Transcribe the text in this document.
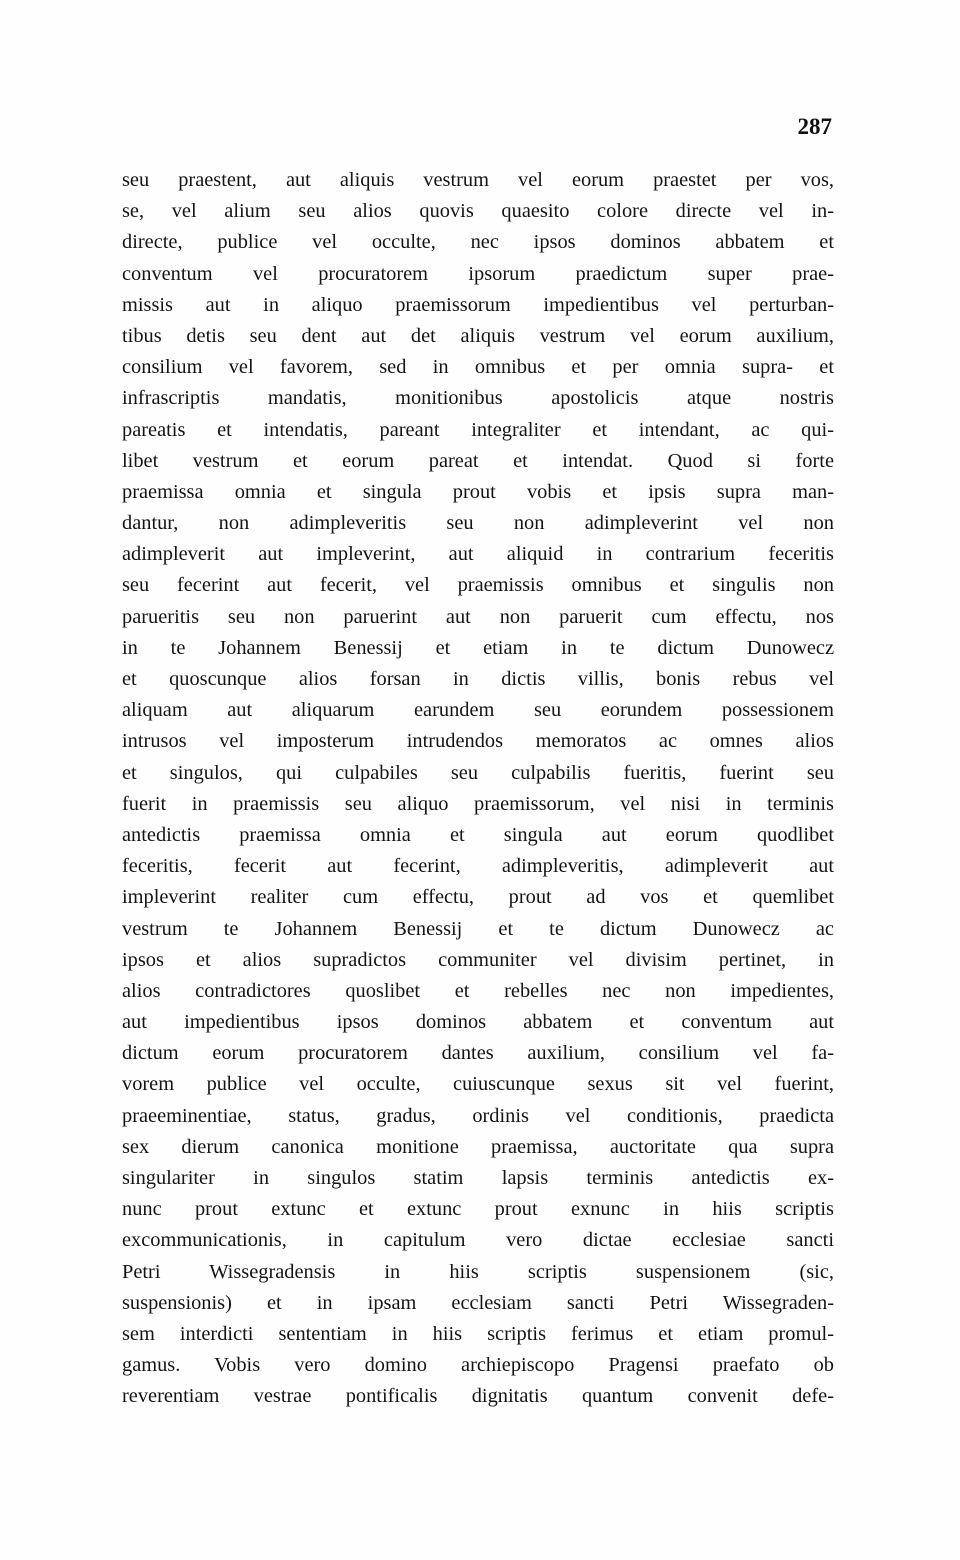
287
seu praestent, aut aliquis vestrum vel eorum praestet per vos,
se, vel alium seu alios quovis quaesito colore directe vel in-
directe, publice vel occulte, nec ipsos dominos abbatem et
conventum vel procuratorem ipsorum praedictum super prae-
missis aut in aliquo praemissorum impedientibus vel perturban-
tibus detis seu dent aut det aliquis vestrum vel eorum auxilium,
consilium vel favorem, sed in omnibus et per omnia supra- et
infrascriptis mandatis, monitionibus apostolicis atque nostris
pareatis et intendatis, pareant integraliter et intendant, ac qui-
libet vestrum et eorum pareat et intendat. Quod si forte
praemissa omnia et singula prout vobis et ipsis supra man-
dantur, non adimpleveritis seu non adimpleverint vel non
adimpleverit aut impleverint, aut aliquid in contrarium feceritis
seu fecerint aut fecerit, vel praemissis omnibus et singulis non
parueritis seu non paruerint aut non paruerit cum effectu, nos
in te Johannem Benessij et etiam in te dictum Dunowecz
et quoscunque alios forsan in dictis villis, bonis rebus vel
aliquam aut aliquarum earundem seu eorundem possessionem
intrusos vel imposterum intrudendos memoratos ac omnes alios
et singulos, qui culpabiles seu culpabilis fueritis, fuerint seu
fuerit in praemissis seu aliquo praemissorum, vel nisi in terminis
antedictis praemissa omnia et singula aut eorum quodlibet
feceritis, fecerit aut fecerint, adimpleveritis, adimpleverit aut
impleverint realiter cum effectu, prout ad vos et quemlibet
vestrum te Johannem Benessij et te dictum Dunowecz ac
ipsos et alios supradictos communiter vel divisim pertinet, in
alios contradictores quoslibet et rebelles nec non impedientes,
aut impedientibus ipsos dominos abbatem et conventum aut
dictum eorum procuratorem dantes auxilium, consilium vel fa-
vorem publice vel occulte, cuiuscunque sexus sit vel fuerint,
praeeminentiae, status, gradus, ordinis vel conditionis, praedicta
sex dierum canonica monitione praemissa, auctoritate qua supra
singulariter in singulos statim lapsis terminis antedictis ex-
nunc prout extunc et extunc prout exnunc in hiis scriptis
excommunicationis, in capitulum vero dictae ecclesiae sancti
Petri Wissegradensis in hiis scriptis suspensionem (sic,
suspensionis) et in ipsam ecclesiam sancti Petri Wissegraden-
sem interdicti sententiam in hiis scriptis ferimus et etiam promul-
gamus. Vobis vero domino archiepiscopo Pragensi praefato ob
reverentiam vestrae pontificalis dignitatis quantum convenit defe-
